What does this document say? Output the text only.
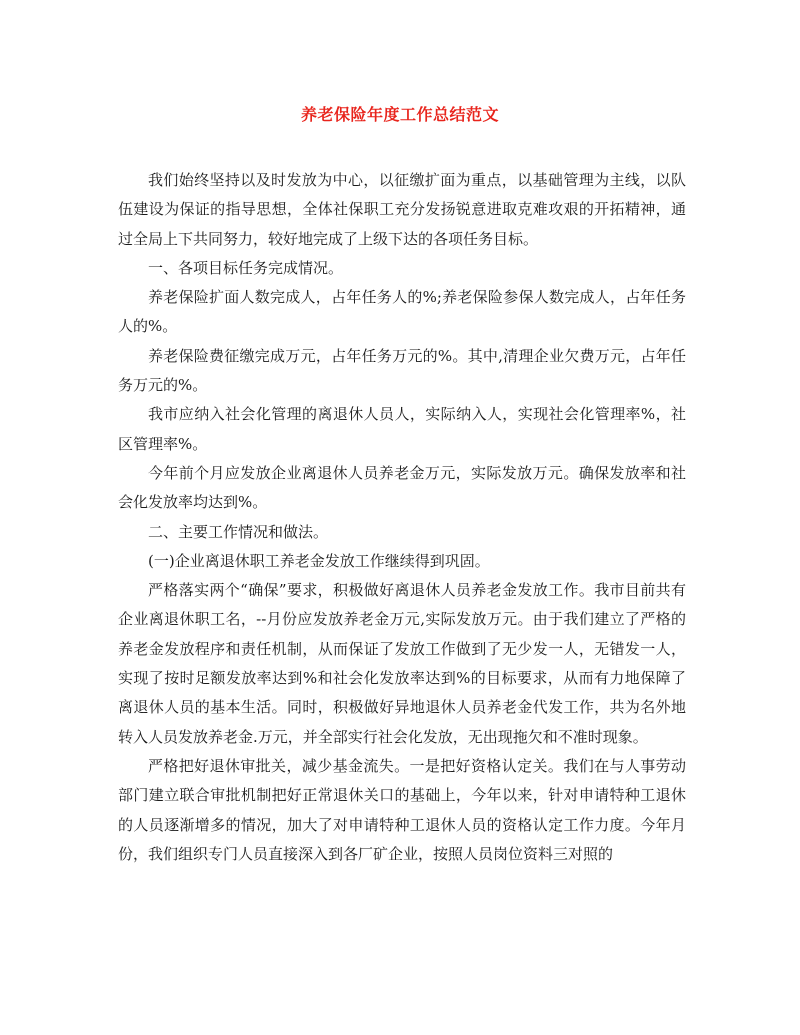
养老保险年度工作总结范文

我们始终坚持以及时发放为中心，以征缴扩面为重点，以基础管理为主线，以队伍建设为保证的指导思想，全体社保职工充分发扬锐意进取克难攻艰的开拓精神，通过全局上下共同努力，较好地完成了上级下达的各项任务目标。

一、各项目标任务完成情况。

养老保险扩面人数完成人，占年任务人的%;养老保险参保人数完成人，占年任务人的%。

养老保险费征缴完成万元，占年任务万元的%。其中,清理企业欠费万元，占年任务万元的%。

我市应纳入社会化管理的离退休人员人，实际纳入人，实现社会化管理率%，社区管理率%。

今年前个月应发放企业离退休人员养老金万元，实际发放万元。确保发放率和社会化发放率均达到%。

二、主要工作情况和做法。

(一)企业离退休职工养老金发放工作继续得到巩固。

严格落实两个“确保”要求，积极做好离退休人员养老金发放工作。我市目前共有企业离退休职工名，--月份应发放养老金万元,实际发放万元。由于我们建立了严格的养老金发放程序和责任机制，从而保证了发放工作做到了无少发一人，无错发一人，实现了按时足额发放率达到%和社会化发放率达到%的目标要求，从而有力地保障了离退休人员的基本生活。同时，积极做好异地退休人员养老金代发工作，共为名外地转入人员发放养老金.万元，并全部实行社会化发放，无出现拖欠和不准时现象。

严格把好退休审批关，减少基金流失。一是把好资格认定关。我们在与人事劳动部门建立联合审批机制把好正常退休关口的基础上，今年以来，针对申请特种工退休的人员逐渐增多的情况，加大了对申请特种工退休人员的资格认定工作力度。今年月份，我们组织专门人员直接深入到各厂矿企业，按照人员岗位资料三对照的
